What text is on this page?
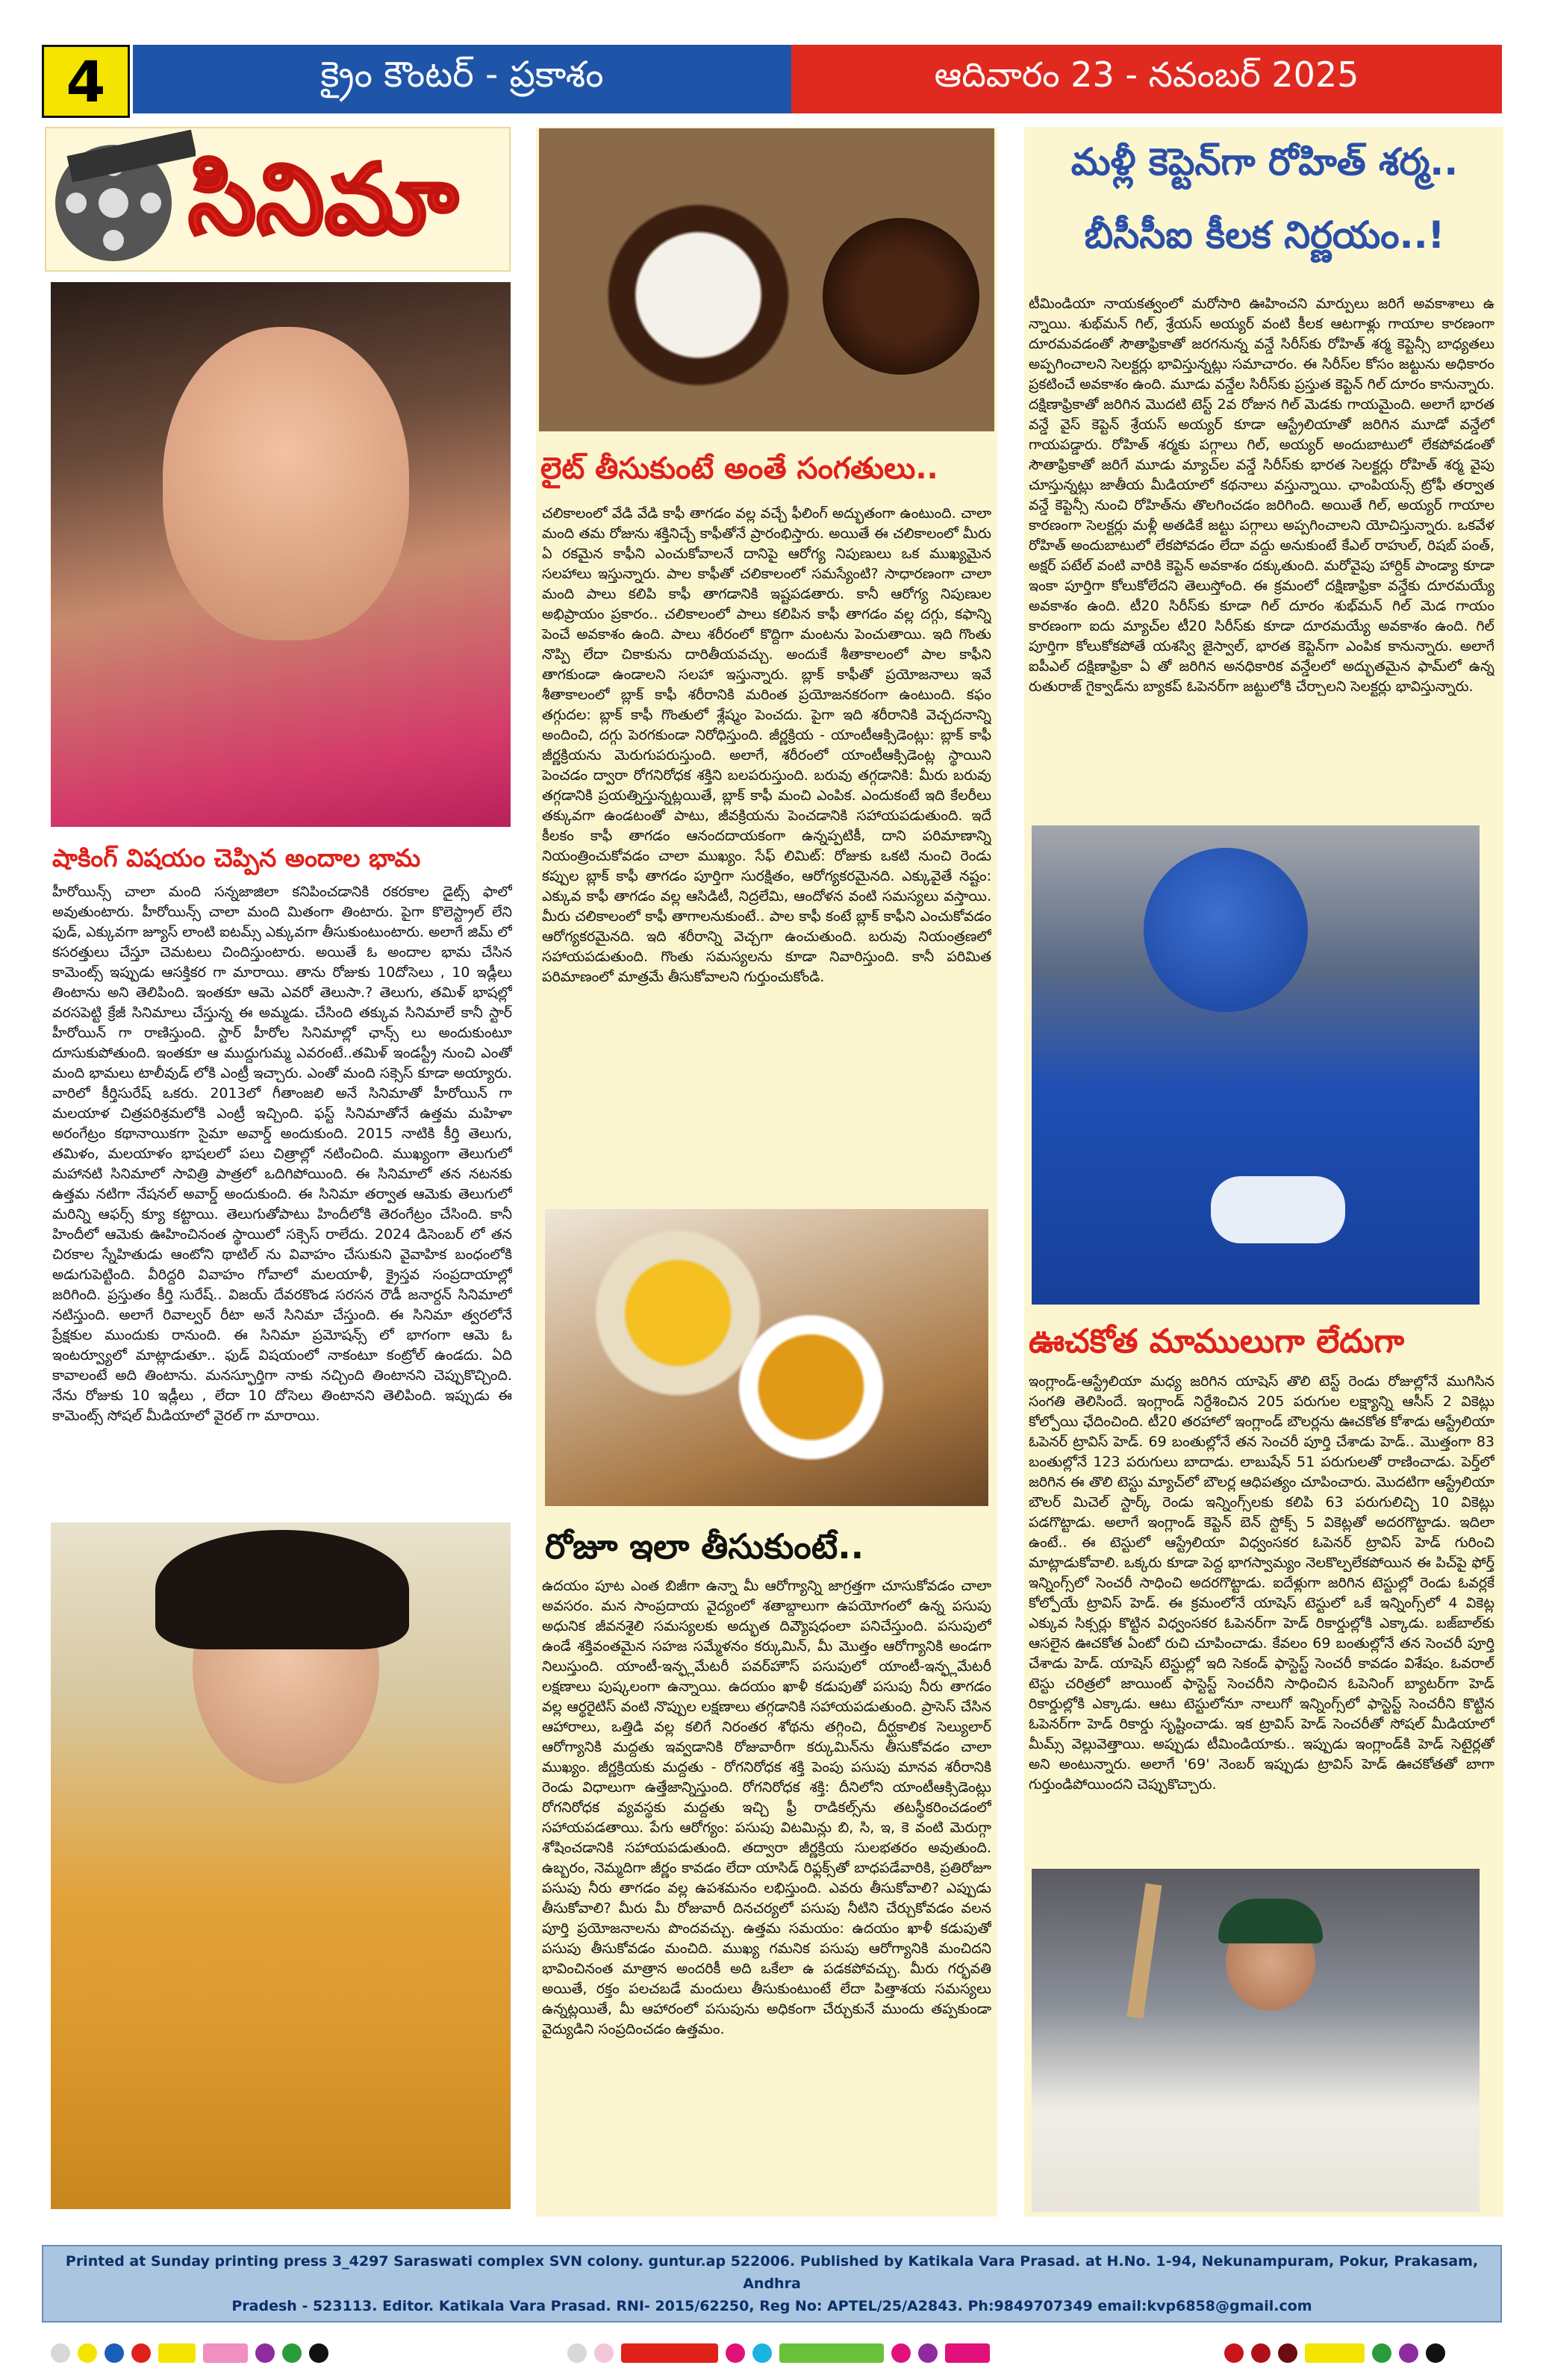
4	క్రైం కౌంటర్ - ప్రకాశం	ఆదివారం 23 - నవంబర్ 2025
సినిమా
షాకింగ్ విషయం చెప్పిన అందాల భామ
హీరోయిన్స్ చాలా మంది సన్నజాజిలా కనిపించడానికి రకరకాల డైట్స్ ఫాలో అవుతుంటారు. హీరోయిన్స్ చాలా మంది మితంగా తింటారు. పైగా కొలెస్ట్రాల్ లేని ఫుడ్, ఎక్కువగా జ్యూస్ లాంటి ఐటమ్స్ ఎక్కువగా తీసుకుంటుంటారు. అలాగే జిమ్ లో కసరత్తులు చేస్తూ చెమటలు చిందిస్తుంటారు. అయితే ఓ అందాల భామ చేసిన కామెంట్స్ ఇప్పుడు ఆసక్తికర గా మారాయి. తాను రోజుకు 10దోసెలు , 10 ఇడ్లీలు తింటాను అని తెలిపింది. ఇంతకూ ఆమె ఎవరో తెలుసా.? తెలుగు, తమిళ్ భాషల్లో వరసపెట్టి క్రేజీ సినిమాలు చేస్తున్న ఈ అమ్మడు. చేసింది తక్కువ సినిమాలే కానీ స్టార్ హీరోయిన్ గా రాణిస్తుంది. స్టార్ హీరోల సినిమాల్లో ఛాన్స్ లు అందుకుంటూ దూసుకుపోతుంది. ఇంతకూ ఆ ముద్దుగుమ్మ ఎవరంటే..తమిళ్ ఇండస్ట్రీ నుంచి ఎంతో మంది భామలు టాలీవుడ్ లోకి ఎంట్రీ ఇచ్చారు. ఎంతో మంది సక్సెస్ కూడా అయ్యారు. వారిలో కీర్తిసురేష్ ఒకరు. 2013లో గీతాంజలి అనే సినిమాతో హీరోయిన్ గా మలయాళ చిత్రపరిశ్రమలోకి ఎంట్రీ ఇచ్చింది. ఫస్ట్ సినిమాతోనే ఉత్తమ మహిళా అరంగేట్రం కథానాయికగా సైమా అవార్డ్ అందుకుంది. 2015 నాటికి కీర్తి తెలుగు, తమిళం, మలయాళం భాషలలో పలు చిత్రాల్లో నటించింది. ముఖ్యంగా తెలుగులో మహానటి సినిమాలో సావిత్రి పాత్రలో ఒదిగిపోయింది. ఈ సినిమాలో తన నటనకు ఉత్తమ నటిగా నేషనల్ అవార్డ్ అందుకుంది. ఈ సినిమా తర్వాత ఆమెకు తెలుగులో మరిన్ని ఆఫర్స్ క్యూ కట్టాయి. తెలుగుతోపాటు హిందీలోకి తెరంగేట్రం చేసింది. కానీ హిందీలో ఆమెకు ఊహించినంత స్థాయిలో సక్సెస్ రాలేదు. 2024 డిసెంబర్ లో తన చిరకాల స్నేహితుడు ఆంటోని థాటిల్ ను వివాహం చేసుకుని వైవాహిక బంధంలోకి అడుగుపెట్టింది. వీరిద్దరి వివాహం గోవాలో మలయాళీ, క్రైస్తవ సంప్రదాయాల్లో జరిగింది. ప్రస్తుతం కీర్తి సురేష్.. విజయ్ దేవరకొండ సరసన రౌడీ జనార్దన్ సినిమాలో నటిస్తుంది. అలాగే రివాల్వర్ రీటా అనే సినిమా చేస్తుంది. ఈ సినిమా త్వరలోనే ప్రేక్షకుల ముందుకు రానుంది. ఈ సినిమా ప్రమోషన్స్ లో భాగంగా ఆమె ఓ ఇంటర్వ్యూలో మాట్లాడుతూ.. ఫుడ్ విషయంలో నాకంటూ కంట్రోల్ ఉండదు. ఏది కావాలంటే అది తింటాను. మనస్ఫూర్తిగా నాకు నచ్చింది తింటానని చెప్పుకొచ్చింది. నేను రోజుకు 10 ఇడ్లీలు , లేదా 10 దోసెలు తింటానని తెలిపింది. ఇప్పుడు ఈ కామెంట్స్ సోషల్ మీడియాలో వైరల్ గా మారాయి.
లైట్ తీసుకుంటే అంతే సంగతులు..
చలికాలంలో వేడి వేడి కాఫీ తాగడం వల్ల వచ్చే ఫీలింగ్ అద్భుతంగా ఉంటుంది. చాలా మంది తమ రోజును శక్తినిచ్చే కాఫీతోనే ప్రారంభిస్తారు. అయితే ఈ చలికాలంలో మీరు ఏ రకమైన కాఫీని ఎంచుకోవాలనే దానిపై ఆరోగ్య నిపుణులు ఒక ముఖ్యమైన సలహాలు ఇస్తున్నారు. పాల కాఫీతో చలికాలంలో సమస్యేంటి? సాధారణంగా చాలా మంది పాలు కలిపి కాఫీ తాగడానికి ఇష్టపడతారు. కానీ ఆరోగ్య నిపుణుల అభిప్రాయం ప్రకారం.. చలికాలంలో పాలు కలిపిన కాఫీ తాగడం వల్ల దగ్గు, కఫాన్ని పెంచే అవకాశం ఉంది. పాలు శరీరంలో కొద్దిగా మంటను పెంచుతాయి. ఇది గొంతు నొప్పి లేదా చికాకును దారితీయవచ్చు. అందుకే శీతాకాలంలో పాల కాఫీని తాగకుండా ఉండాలని సలహా ఇస్తున్నారు. బ్లాక్ కాఫీతో ప్రయోజనాలు ఇవే శీతాకాలంలో బ్లాక్ కాఫీ శరీరానికి మరింత ప్రయోజనకరంగా ఉంటుంది. కఫం తగ్గుదల: బ్లాక్ కాఫీ గొంతులో శ్లేష్మం పెంచదు. పైగా ఇది శరీరానికి వెచ్చదనాన్ని అందించి, దగ్గు పెరగకుండా నిరోధిస్తుంది. జీర్ణక్రియ - యాంటీఆక్సిడెంట్లు: బ్లాక్ కాఫీ జీర్ణక్రియను మెరుగుపరుస్తుంది. అలాగే, శరీరంలో యాంటీఆక్సిడెంట్ల స్థాయిని పెంచడం ద్వారా రోగనిరోధక శక్తిని బలపరుస్తుంది. బరువు తగ్గడానికి: మీరు బరువు తగ్గడానికి ప్రయత్నిస్తున్నట్లయితే, బ్లాక్ కాఫీ మంచి ఎంపిక. ఎందుకంటే ఇది కేలరీలు తక్కువగా ఉండటంతో పాటు, జీవక్రియను పెంచడానికి సహాయపడుతుంది. ఇదే కీలకం కాఫీ తాగడం ఆనందదాయకంగా ఉన్నప్పటికీ, దాని పరిమాణాన్ని నియంత్రించుకోవడం చాలా ముఖ్యం. సేఫ్ లిమిట్: రోజుకు ఒకటి నుంచి రెండు కప్పుల బ్లాక్ కాఫీ తాగడం పూర్తిగా సురక్షితం, ఆరోగ్యకరమైనది. ఎక్కువైతే నష్టం: ఎక్కువ కాఫీ తాగడం వల్ల ఆసిడిటీ, నిద్రలేమి, ఆందోళన వంటి సమస్యలు వస్తాయి. మీరు చలికాలంలో కాఫీ తాగాలనుకుంటే.. పాల కాఫీ కంటే బ్లాక్ కాఫీని ఎంచుకోవడం ఆరోగ్యకరమైనది. ఇది శరీరాన్ని వెచ్చగా ఉంచుతుంది. బరువు నియంత్రణలో సహాయపడుతుంది. గొంతు సమస్యలను కూడా నివారిస్తుంది. కానీ పరిమిత పరిమాణంలో మాత్రమే తీసుకోవాలని గుర్తుంచుకోండి.
రోజూ ఇలా తీసుకుంటే..
ఉదయం పూట ఎంత బిజీగా ఉన్నా మీ ఆరోగ్యాన్ని జాగ్రత్తగా చూసుకోవడం చాలా అవసరం. మన సాంప్రదాయ వైద్యంలో శతాబ్దాలుగా ఉపయోగంలో ఉన్న పసుపు అధునిక జీవనశైలి సమస్యలకు అద్భుత దివ్యౌషధంలా పనిచేస్తుంది. పసుపులో ఉండే శక్తివంతమైన సహజ సమ్మేళనం కర్కుమిన్, మీ మొత్తం ఆరోగ్యానికి అండగా నిలుస్తుంది. యాంటీ-ఇన్ఫ్లమేటరీ పవర్‌హౌస్ పసుపులో యాంటీ-ఇన్ఫ్లమేటరీ లక్షణాలు పుష్కలంగా ఉన్నాయి. ఉదయం ఖాళీ కడుపుతో పసుపు నీరు తాగడం వల్ల ఆర్థరైటిస్ వంటి నొప్పుల లక్షణాలు తగ్గడానికి సహాయపడుతుంది. ప్రాసెస్ చేసిన ఆహారాలు, ఒత్తిడి వల్ల కలిగే నిరంతర శోథను తగ్గించి, దీర్ఘకాలిక సెల్యులార్ ఆరోగ్యానికి మద్దతు ఇవ్వడానికి రోజువారీగా కర్కుమిన్‌ను తీసుకోవడం చాలా ముఖ్యం. జీర్ణక్రియకు మద్దతు - రోగనిరోధక శక్తి పెంపు పసుపు మానవ శరీరానికి రెండు విధాలుగా ఉత్తేజాన్నిస్తుంది. రోగనిరోధక శక్తి: దీనిలోని యాంటీఆక్సిడెంట్లు రోగనిరోధక వ్యవస్థకు మద్దతు ఇచ్చి ఫ్రీ రాడికల్స్‌ను తటస్థీకరించడంలో సహాయపడతాయి. పేగు ఆరోగ్యం: పసుపు విటమిన్లు బి, సి, ఇ, కె వంటి మెరుగ్గా శోషించడానికి సహాయపడుతుంది. తద్వారా జీర్ణక్రియ సులభతరం అవుతుంది. ఉబ్బరం, నెమ్మదిగా జీర్ణం కావడం లేదా యాసిడ్ రిఫ్లక్స్‌తో బాధపడేవారికి, ప్రతిరోజూ పసుపు నీరు తాగడం వల్ల ఉపశమనం లభిస్తుంది. ఎవరు తీసుకోవాలి? ఎప్పుడు తీసుకోవాలి? మీరు మీ రోజువారీ దినచర్యలో పసుపు నీటిని చేర్చుకోవడం వలన పూర్తి ప్రయోజనాలను పొందవచ్చు. ఉత్తమ సమయం: ఉదయం ఖాళీ కడుపుతో పసుపు తీసుకోవడం మంచిది. ముఖ్య గమనిక పసుపు ఆరోగ్యానికి మంచిదని భావించినంత మాత్రాన అందరికీ అది ఒకేలా ఉ పడకపోవచ్చు. మీరు గర్భవతి అయితే, రక్తం పలచబడే మందులు తీసుకుంటుంటే లేదా పిత్తాశయ సమస్యలు ఉన్నట్లయితే, మీ ఆహారంలో పసుపును అధికంగా చేర్చుకునే ముందు తప్పకుండా వైద్యుడిని సంప్రదించడం ఉత్తమం.
మళ్లీ కెప్టెన్‌గా రోహిత్ శర్మ..
బీసీసీఐ కీలక నిర్ణయం..!
టీమిండియా నాయకత్వంలో మరోసారి ఊహించని మార్పులు జరిగే అవకాశాలు ఉ న్నాయి. శుభ్‌మన్ గిల్, శ్రేయస్ అయ్యర్ వంటి కీలక ఆటగాళ్లు గాయాల కారణంగా దూరమవడంతో సౌతాఫ్రికాతో జరగనున్న వన్డే సిరీస్‌కు రోహిత్ శర్మ కెప్టెన్సీ బాధ్యతలు అప్పగించాలని సెలక్టర్లు భావిస్తున్నట్లు సమాచారం. ఈ సిరీస్‌ల కోసం జట్టును అధికారం ప్రకటించే అవకాశం ఉంది. మూడు వన్డేల సిరీస్‌కు ప్రస్తుత కెప్టెన్ గిల్ దూరం కానున్నారు. దక్షిణాఫ్రికాతో జరిగిన మొదటి టెస్ట్ 2వ రోజున గిల్ మెడకు గాయమైంది. అలాగే భారత వన్డే వైస్ కెప్టెన్ శ్రేయస్ అయ్యర్ కూడా ఆస్ట్రేలియాతో జరిగిన మూడో వన్డేలో గాయపడ్డారు. రోహిత్ శర్మకు పగ్గాలు గిల్, అయ్యర్ అందుబాటులో లేకపోవడంతో సౌతాఫ్రికాతో జరిగే మూడు మ్యాచ్‌ల వన్డే సిరీస్‌కు భారత సెలక్టర్లు రోహిత్ శర్మ వైపు చూస్తున్నట్లు జాతీయ మీడియాలో కథనాలు వస్తున్నాయి. ఛాంపియన్స్ ట్రోఫీ తర్వాత వన్డే కెప్టెన్సీ నుంచి రోహిత్‌ను తొలగించడం జరిగింది. అయితే గిల్, అయ్యర్ గాయాల కారణంగా సెలక్టర్లు మళ్లీ అతడికే జట్టు పగ్గాలు అప్పగించాలని యోచిస్తున్నారు. ఒకవేళ రోహిత్ అందుబాటులో లేకపోవడం లేదా వద్దు అనుకుంటే కేఎల్ రాహుల్, రిషబ్ పంత్, అక్షర్ పటేల్ వంటి వారికి కెప్టెన్ అవకాశం దక్కుతుంది. మరోవైపు హార్దిక్ పాండ్యా కూడా ఇంకా పూర్తిగా కోలుకోలేదని తెలుస్తోంది. ఈ క్రమంలో దక్షిణాఫ్రికా వన్డేకు దూరమయ్యే అవకాశం ఉంది. టీ20 సిరీస్‌కు కూడా గిల్ దూరం శుభ్‌మన్ గిల్ మెడ గాయం కారణంగా ఐదు మ్యాచ్‌ల టీ20 సిరీస్‌కు కూడా దూరమయ్యే అవకాశం ఉంది. గిల్ పూర్తిగా కోలుకోకపోతే యశస్వి జైస్వాల్, భారత కెప్టెన్‌గా ఎంపిక కానున్నారు. అలాగే ఐపీఎల్ దక్షిణాఫ్రికా ఏ తో జరిగిన అనధికారిక వన్డేలలో అద్భుతమైన ఫామ్‌లో ఉన్న రుతురాజ్ గైక్వాడ్‌ను బ్యాకప్ ఓపెనర్‌గా జట్టులోకి చేర్చాలని సెలక్టర్లు భావిస్తున్నారు.
ఊచకోత మాములుగా లేదుగా
ఇంగ్లాండ్-ఆస్ట్రేలియా మధ్య జరిగిన యాషెస్ తొలి టెస్ట్ రెండు రోజుల్లోనే ముగిసిన సంగతి తెలిసిందే. ఇంగ్లాండ్ నిర్దేశించిన 205 పరుగుల లక్ష్యాన్ని ఆసీస్ 2 వికెట్లు కోల్పోయి ఛేదించింది. టీ20 తరహాలో ఇంగ్లాండ్ బౌలర్లను ఊచకోత కోశాడు ఆస్ట్రేలియా ఓపెనర్ ట్రావిస్ హెడ్. 69 బంతుల్లోనే తన సెంచరీ పూర్తి చేశాడు హెడ్.. మొత్తంగా 83 బంతుల్లోనే 123 పరుగులు బాదాడు. లాబుషేన్ 51 పరుగులతో రాణించాడు. పెర్త్‌లో జరిగిన ఈ తొలి టెస్టు మ్యాచ్‌లో బౌలర్ల ఆధిపత్యం చూపించారు. మొదటిగా ఆస్ట్రేలియా బౌలర్ మిచెల్ స్టార్క్ రెండు ఇన్నింగ్స్‌లకు కలిపి 63 పరుగులిచ్చి 10 వికెట్లు పడగొట్టాడు. అలాగే ఇంగ్లాండ్ కెప్టెన్ బెన్ స్టోక్స్ 5 వికెట్లతో అదరగొట్టాడు. ఇదిలా ఉంటే.. ఈ టెస్టులో ఆస్ట్రేలియా విధ్వంసకర ఓపెనర్ ట్రావిస్ హెడ్ గురించి మాట్లాడుకోవాలి. ఒక్కరు కూడా పెద్ద భాగస్వామ్యం నెలకొల్పలేకపోయిన ఈ పిచ్‌పై ఫోర్త్ ఇన్నింగ్స్‌లో సెంచరీ సాధించి అదరగొట్టాడు. ఐదేళ్లుగా జరిగిన టెస్టుల్లో రెండు ఓవర్లకే కోల్పోయే ట్రావిస్ హెడ్. ఈ క్రమంలోనే యాషెస్ టెస్టులో ఒకే ఇన్నింగ్స్‌లో 4 వికెట్ల ఎక్కువ సిక్సర్లు కొట్టిన విధ్వంసకర ఓపెనర్‌గా హెడ్ రికార్డుల్లోకి ఎక్కాడు. బజ్‌బాల్‌కు ఆసలైన ఊచకోత ఏంటో రుచి చూపించాడు. కేవలం 69 బంతుల్లోనే తన సెంచరీ పూర్తి చేశాడు హెడ్. యాషెస్ టెస్టుల్లో ఇది సెకండ్ ఫాస్టెస్ట్ సెంచరీ కావడం విశేషం. ఓవరాల్ టెస్టు చరిత్రలో జాయింట్ ఫాస్టెస్ట్ సెంచరీని సాధించిన ఓపెనింగ్ బ్యాటర్‌గా హెడ్ రికార్డుల్లోకి ఎక్కాడు. ఆటు టెస్టులోనూ నాలుగో ఇన్నింగ్స్‌లో ఫాస్టెస్ట్ సెంచరీని కొట్టిన ఓపెనర్‌గా హెడ్ రికార్డు సృష్టించాడు. ఇక ట్రావిస్ హెడ్ సెంచరీతో సోషల్ మీడియాలో మీమ్స్ వెల్లువెత్తాయి. అప్పుడు టీమిండియాకు.. ఇప్పుడు ఇంగ్లాండ్‌కి హెడ్ సెటైర్లతో అని అంటున్నారు. అలాగే '69' నెంబర్ ఇప్పుడు ట్రావిస్ హెడ్ ఊచకోతతో బాగా గుర్తుండిపోయిందని చెప్పుకొచ్చారు.
Printed at Sunday printing press 3_4297 Saraswati complex SVN colony. guntur.ap 522006. Published by Katikala Vara Prasad. at H.No. 1-94, Nekunampuram, Pokur, Prakasam, Andhra
Pradesh - 523113. Editor. Katikala Vara Prasad. RNI- 2015/62250, Reg No: APTEL/25/A2843. Ph:9849707349 email:kvp6858@gmail.com
